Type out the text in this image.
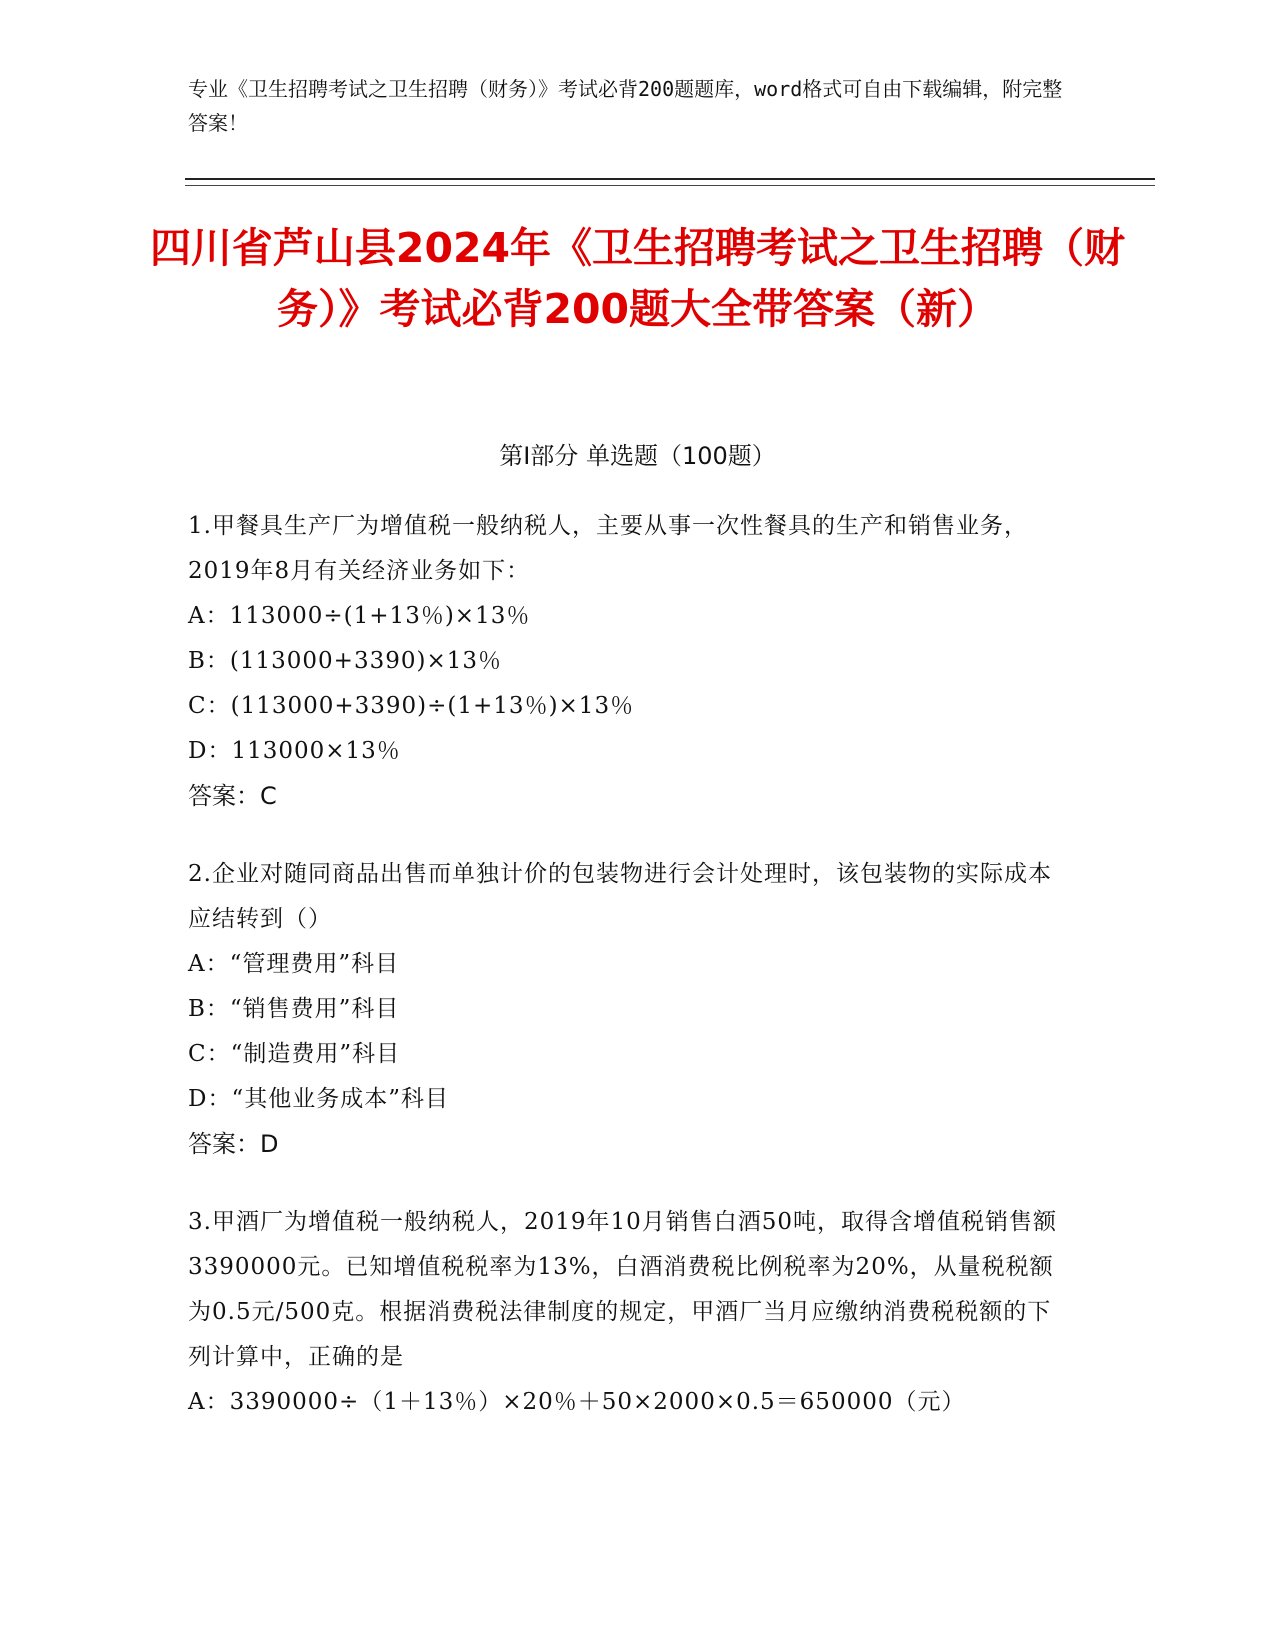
专业《卫生招聘考试之卫生招聘（财务）》考试必背200题题库，word格式可自由下载编辑，附完整答案！
四川省芦山县2024年《卫生招聘考试之卫生招聘（财务）》考试必背200题大全带答案（新）
第I部分 单选题（100题）

1.甲餐具生产厂为增值税一般纳税人，主要从事一次性餐具的生产和销售业务，2019年8月有关经济业务如下：

A：113000÷(1+13％)×13％

B：(113000+3390)×13％

C：(113000+3390)÷(1+13％)×13％

D：113000×13％

答案：C

2.企业对随同商品出售而单独计价的包装物进行会计处理时，该包装物的实际成本应结转到（）

A：“管理费用”科目

B：“销售费用”科目

C：“制造费用”科目

D：“其他业务成本”科目

答案：D

3.甲酒厂为增值税一般纳税人，2019年10月销售白酒50吨，取得含增值税销售额3390000元。已知增值税税率为13%，白酒消费税比例税率为20%，从量税税额为0.5元/500克。根据消费税法律制度的规定，甲酒厂当月应缴纳消费税税额的下列计算中，正确的是

A：3390000÷（1＋13％）×20％＋50×2000×0.5＝650000（元）
